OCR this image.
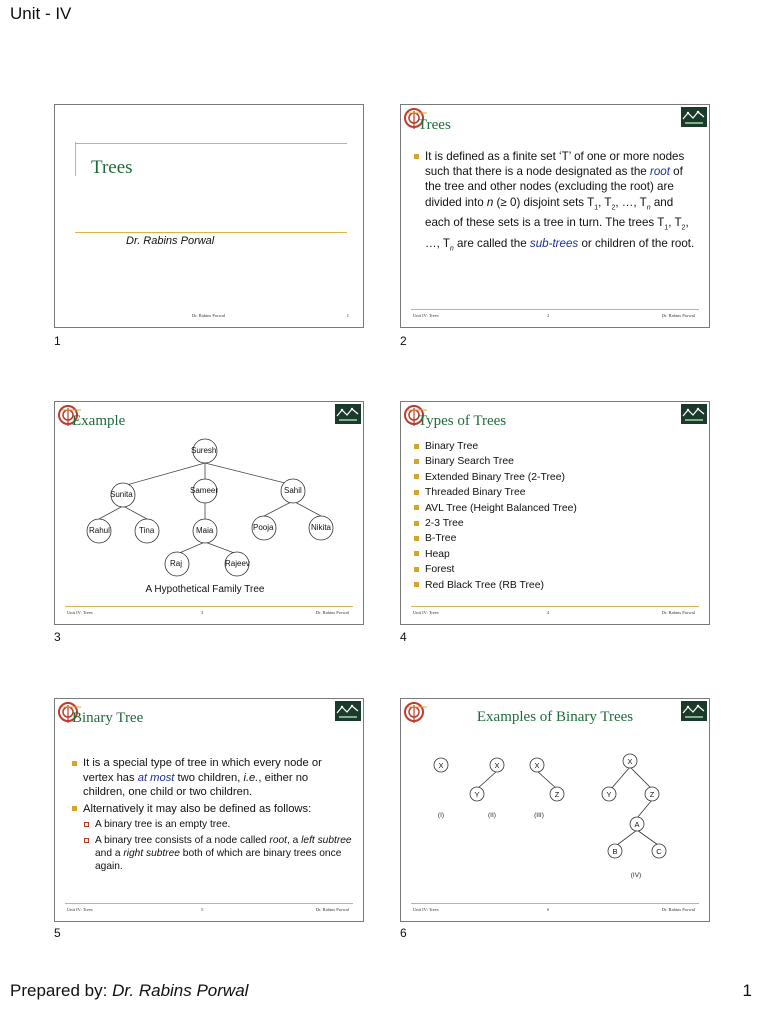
Unit - IV
Trees
Dr. Rabins Porwal
Dr. Rabins Porwal	1
1
Trees
It is defined as a finite set ‘T’ of one or more nodes such that there is a node designated as the root of the tree and other nodes (excluding the root) are divided into n (≥ 0) disjoint sets $T_1$, $T_2$, …, $T_n$ and each of these sets is a tree in turn. The trees $T_1$, $T_2$, …, $T_n$ are called the sub-trees or children of the root.
Unit IV: Trees	2	Dr. Rabins Porwal
2
Example
Suresh
Sunita	Sameer	Sahil
Rahul	Tina	Maia	Pooja	Nikita
Raj	Rajeev
A Hypothetical Family Tree
Unit IV: Trees	3	Dr. Rabins Porwal
3
Types of Trees
Binary Tree
Binary Search Tree
Extended Binary Tree (2-Tree)
Threaded Binary Tree
AVL Tree (Height Balanced Tree)
2-3 Tree
B-Tree
Heap
Forest
Red Black Tree (RB Tree)
Unit IV: Trees	4	Dr. Rabins Porwal
4
Binary Tree
It is a special type of tree in which every node or vertex has at most two children, i.e., either no children, one child or two children.
Alternatively it may also be defined as follows:
A binary tree is an empty tree.
A binary tree consists of a node called root, a left subtree and a right subtree both of which are binary trees once again.
Unit IV: Trees	5	Dr. Rabins Porwal
5
Examples of Binary Trees
X	X
Y
X
Z
X
Y	Z
A
B	C
(I)	(II)	(III)
(IV)
Unit IV: Trees	6	Dr. Rabins Porwal
6
Prepared by: Dr. Rabins Porwal	1
